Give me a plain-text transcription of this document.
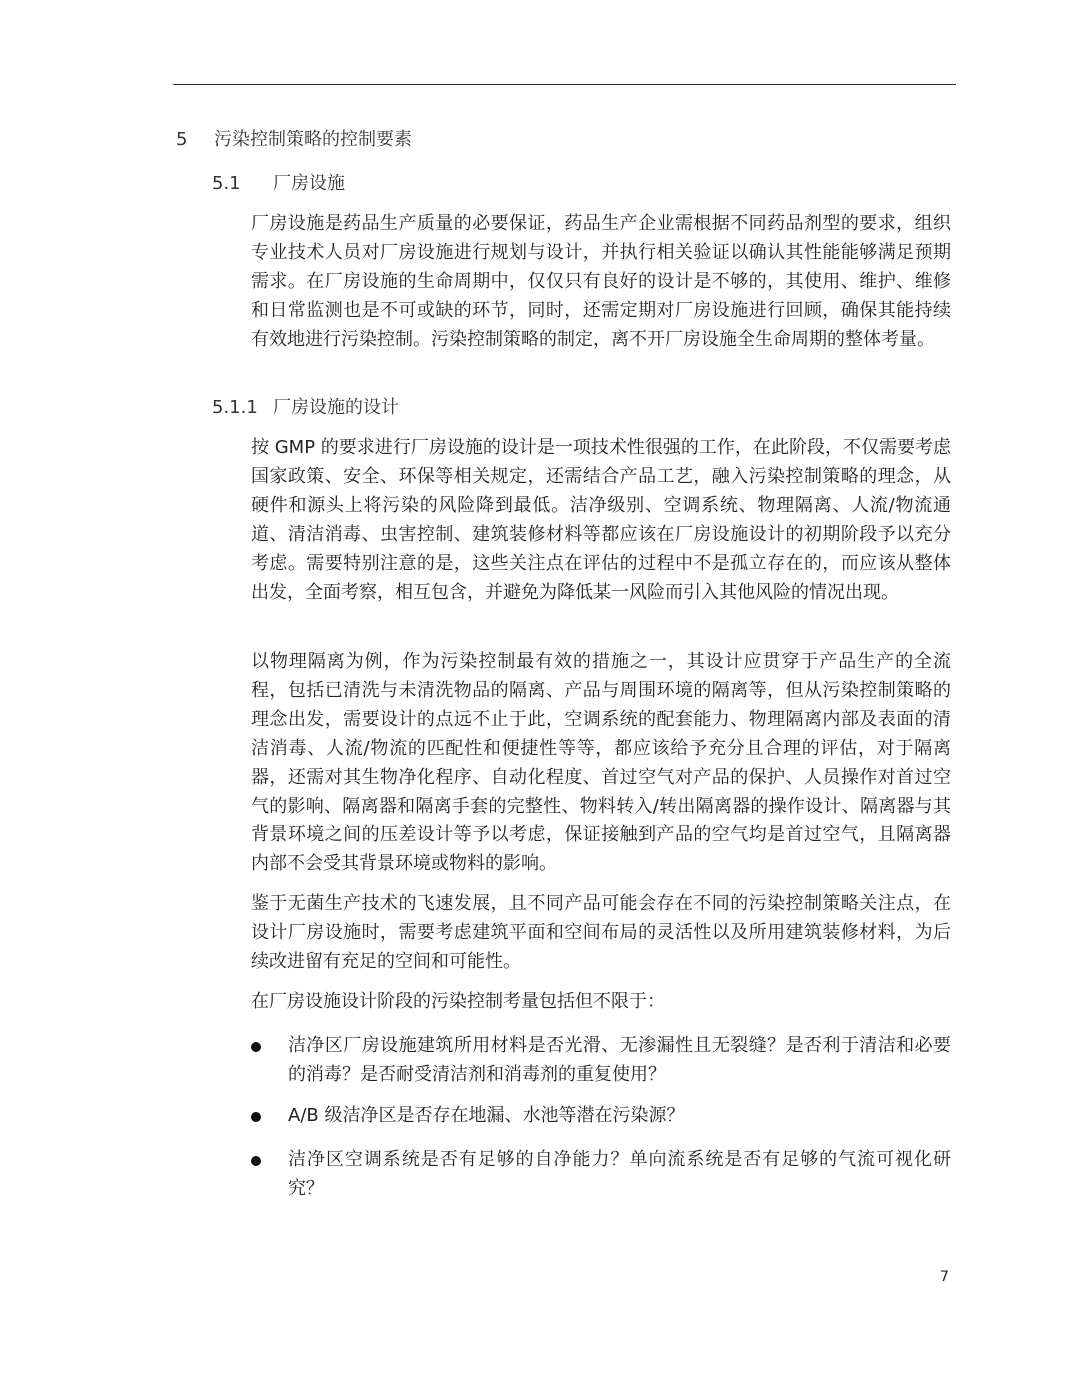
5 污染控制策略的控制要素
5.1 厂房设施

厂房设施是药品生产质量的必要保证，药品生产企业需根据不同药品剂型的要求，组织专业技术人员对厂房设施进行规划与设计，并执行相关验证以确认其性能能够满足预期需求。在厂房设施的生命周期中，仅仅只有良好的设计是不够的，其使用、维护、维修和日常监测也是不可或缺的环节，同时，还需定期对厂房设施进行回顾，确保其能持续有效地进行污染控制。污染控制策略的制定，离不开厂房设施全生命周期的整体考量。

5.1.1 厂房设施的设计

按 GMP 的要求进行厂房设施的设计是一项技术性很强的工作，在此阶段，不仅需要考虑国家政策、安全、环保等相关规定，还需结合产品工艺，融入污染控制策略的理念，从硬件和源头上将污染的风险降到最低。洁净级别、空调系统、物理隔离、人流/物流通道、清洁消毒、虫害控制、建筑装修材料等都应该在厂房设施设计的初期阶段予以充分考虑。需要特别注意的是，这些关注点在评估的过程中不是孤立存在的，而应该从整体出发，全面考察，相互包含，并避免为降低某一风险而引入其他风险的情况出现。

以物理隔离为例，作为污染控制最有效的措施之一，其设计应贯穿于产品生产的全流程，包括已清洗与未清洗物品的隔离、产品与周围环境的隔离等，但从污染控制策略的理念出发，需要设计的点远不止于此，空调系统的配套能力、物理隔离内部及表面的清洁消毒、人流/物流的匹配性和便捷性等等，都应该给予充分且合理的评估，对于隔离器，还需对其生物净化程序、自动化程度、首过空气对产品的保护、人员操作对首过空气的影响、隔离器和隔离手套的完整性、物料转入/转出隔离器的操作设计、隔离器与其背景环境之间的压差设计等予以考虑，保证接触到产品的空气均是首过空气，且隔离器内部不会受其背景环境或物料的影响。

鉴于无菌生产技术的飞速发展，且不同产品可能会存在不同的污染控制策略关注点，在设计厂房设施时，需要考虑建筑平面和空间布局的灵活性以及所用建筑装修材料，为后续改进留有充足的空间和可能性。

在厂房设施设计阶段的污染控制考量包括但不限于：

洁净区厂房设施建筑所用材料是否光滑、无渗漏性且无裂缝？是否利于清洁和必要的消毒？是否耐受清洁剂和消毒剂的重复使用？
A/B 级洁净区是否存在地漏、水池等潜在污染源？
洁净区空调系统是否有足够的自净能力？单向流系统是否有足够的气流可视化研究？
7
